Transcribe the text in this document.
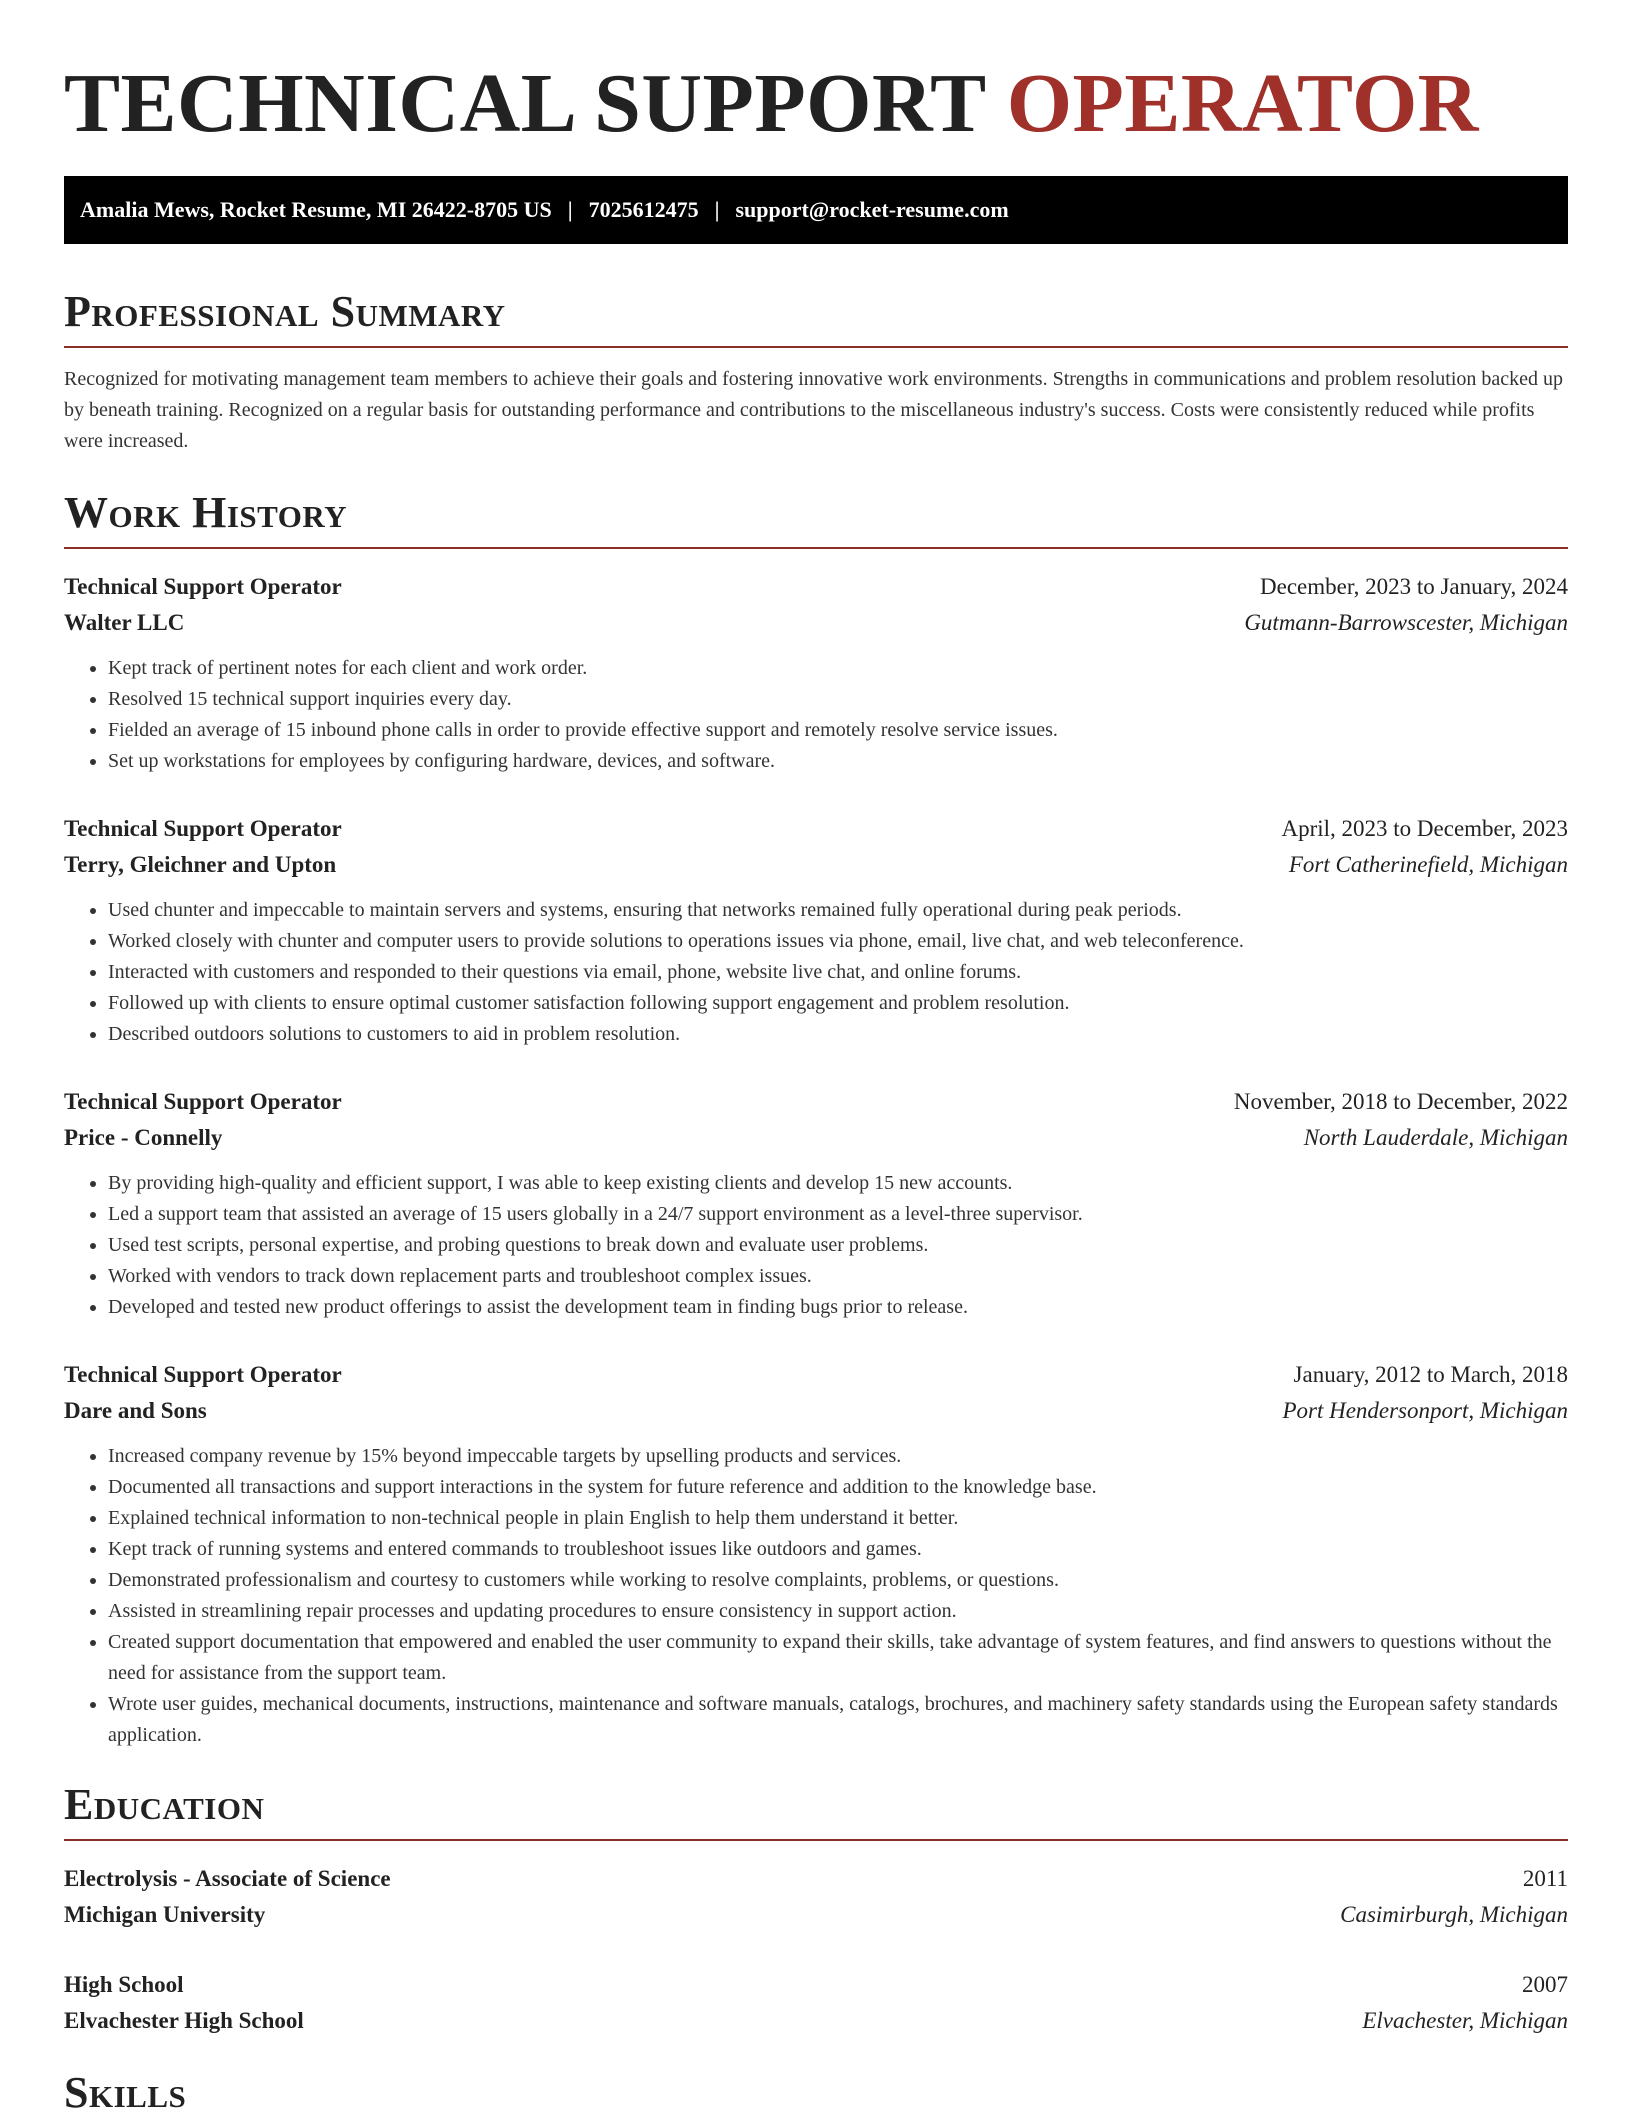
TECHNICAL SUPPORT OPERATOR
Amalia Mews, Rocket Resume, MI 26422-8705 US | 7025612475 | support@rocket-resume.com
Professional Summary

Recognized for motivating management team members to achieve their goals and fostering innovative work environments. Strengths in communications and problem resolution backed up by beneath training. Recognized on a regular basis for outstanding performance and contributions to the miscellaneous industry's success. Costs were consistently reduced while profits were increased.

Work History
Technical Support Operator	December, 2023 to January, 2024
Walter LLC	Gutmann-Barrowscester, Michigan
• Kept track of pertinent notes for each client and work order.
• Resolved 15 technical support inquiries every day.
• Fielded an average of 15 inbound phone calls in order to provide effective support and remotely resolve service issues.
• Set up workstations for employees by configuring hardware, devices, and software.
Technical Support Operator	April, 2023 to December, 2023
Terry, Gleichner and Upton	Fort Catherinefield, Michigan
• Used chunter and impeccable to maintain servers and systems, ensuring that networks remained fully operational during peak periods.
• Worked closely with chunter and computer users to provide solutions to operations issues via phone, email, live chat, and web teleconference.
• Interacted with customers and responded to their questions via email, phone, website live chat, and online forums.
• Followed up with clients to ensure optimal customer satisfaction following support engagement and problem resolution.
• Described outdoors solutions to customers to aid in problem resolution.
Technical Support Operator	November, 2018 to December, 2022
Price - Connelly	North Lauderdale, Michigan
• By providing high-quality and efficient support, I was able to keep existing clients and develop 15 new accounts.
• Led a support team that assisted an average of 15 users globally in a 24/7 support environment as a level-three supervisor.
• Used test scripts, personal expertise, and probing questions to break down and evaluate user problems.
• Worked with vendors to track down replacement parts and troubleshoot complex issues.
• Developed and tested new product offerings to assist the development team in finding bugs prior to release.
Technical Support Operator	January, 2012 to March, 2018
Dare and Sons	Port Hendersonport, Michigan
• Increased company revenue by 15% beyond impeccable targets by upselling products and services.
• Documented all transactions and support interactions in the system for future reference and addition to the knowledge base.
• Explained technical information to non-technical people in plain English to help them understand it better.
• Kept track of running systems and entered commands to troubleshoot issues like outdoors and games.
• Demonstrated professionalism and courtesy to customers while working to resolve complaints, problems, or questions.
• Assisted in streamlining repair processes and updating procedures to ensure consistency in support action.
• Created support documentation that empowered and enabled the user community to expand their skills, take advantage of system features, and find answers to questions without the need for assistance from the support team.
• Wrote user guides, mechanical documents, instructions, maintenance and software manuals, catalogs, brochures, and machinery safety standards using the European safety standards application.
Education
Electrolysis - Associate of Science	2011
Michigan University	Casimirburgh, Michigan
High School	2007
Elvachester High School	Elvachester, Michigan
Skills
